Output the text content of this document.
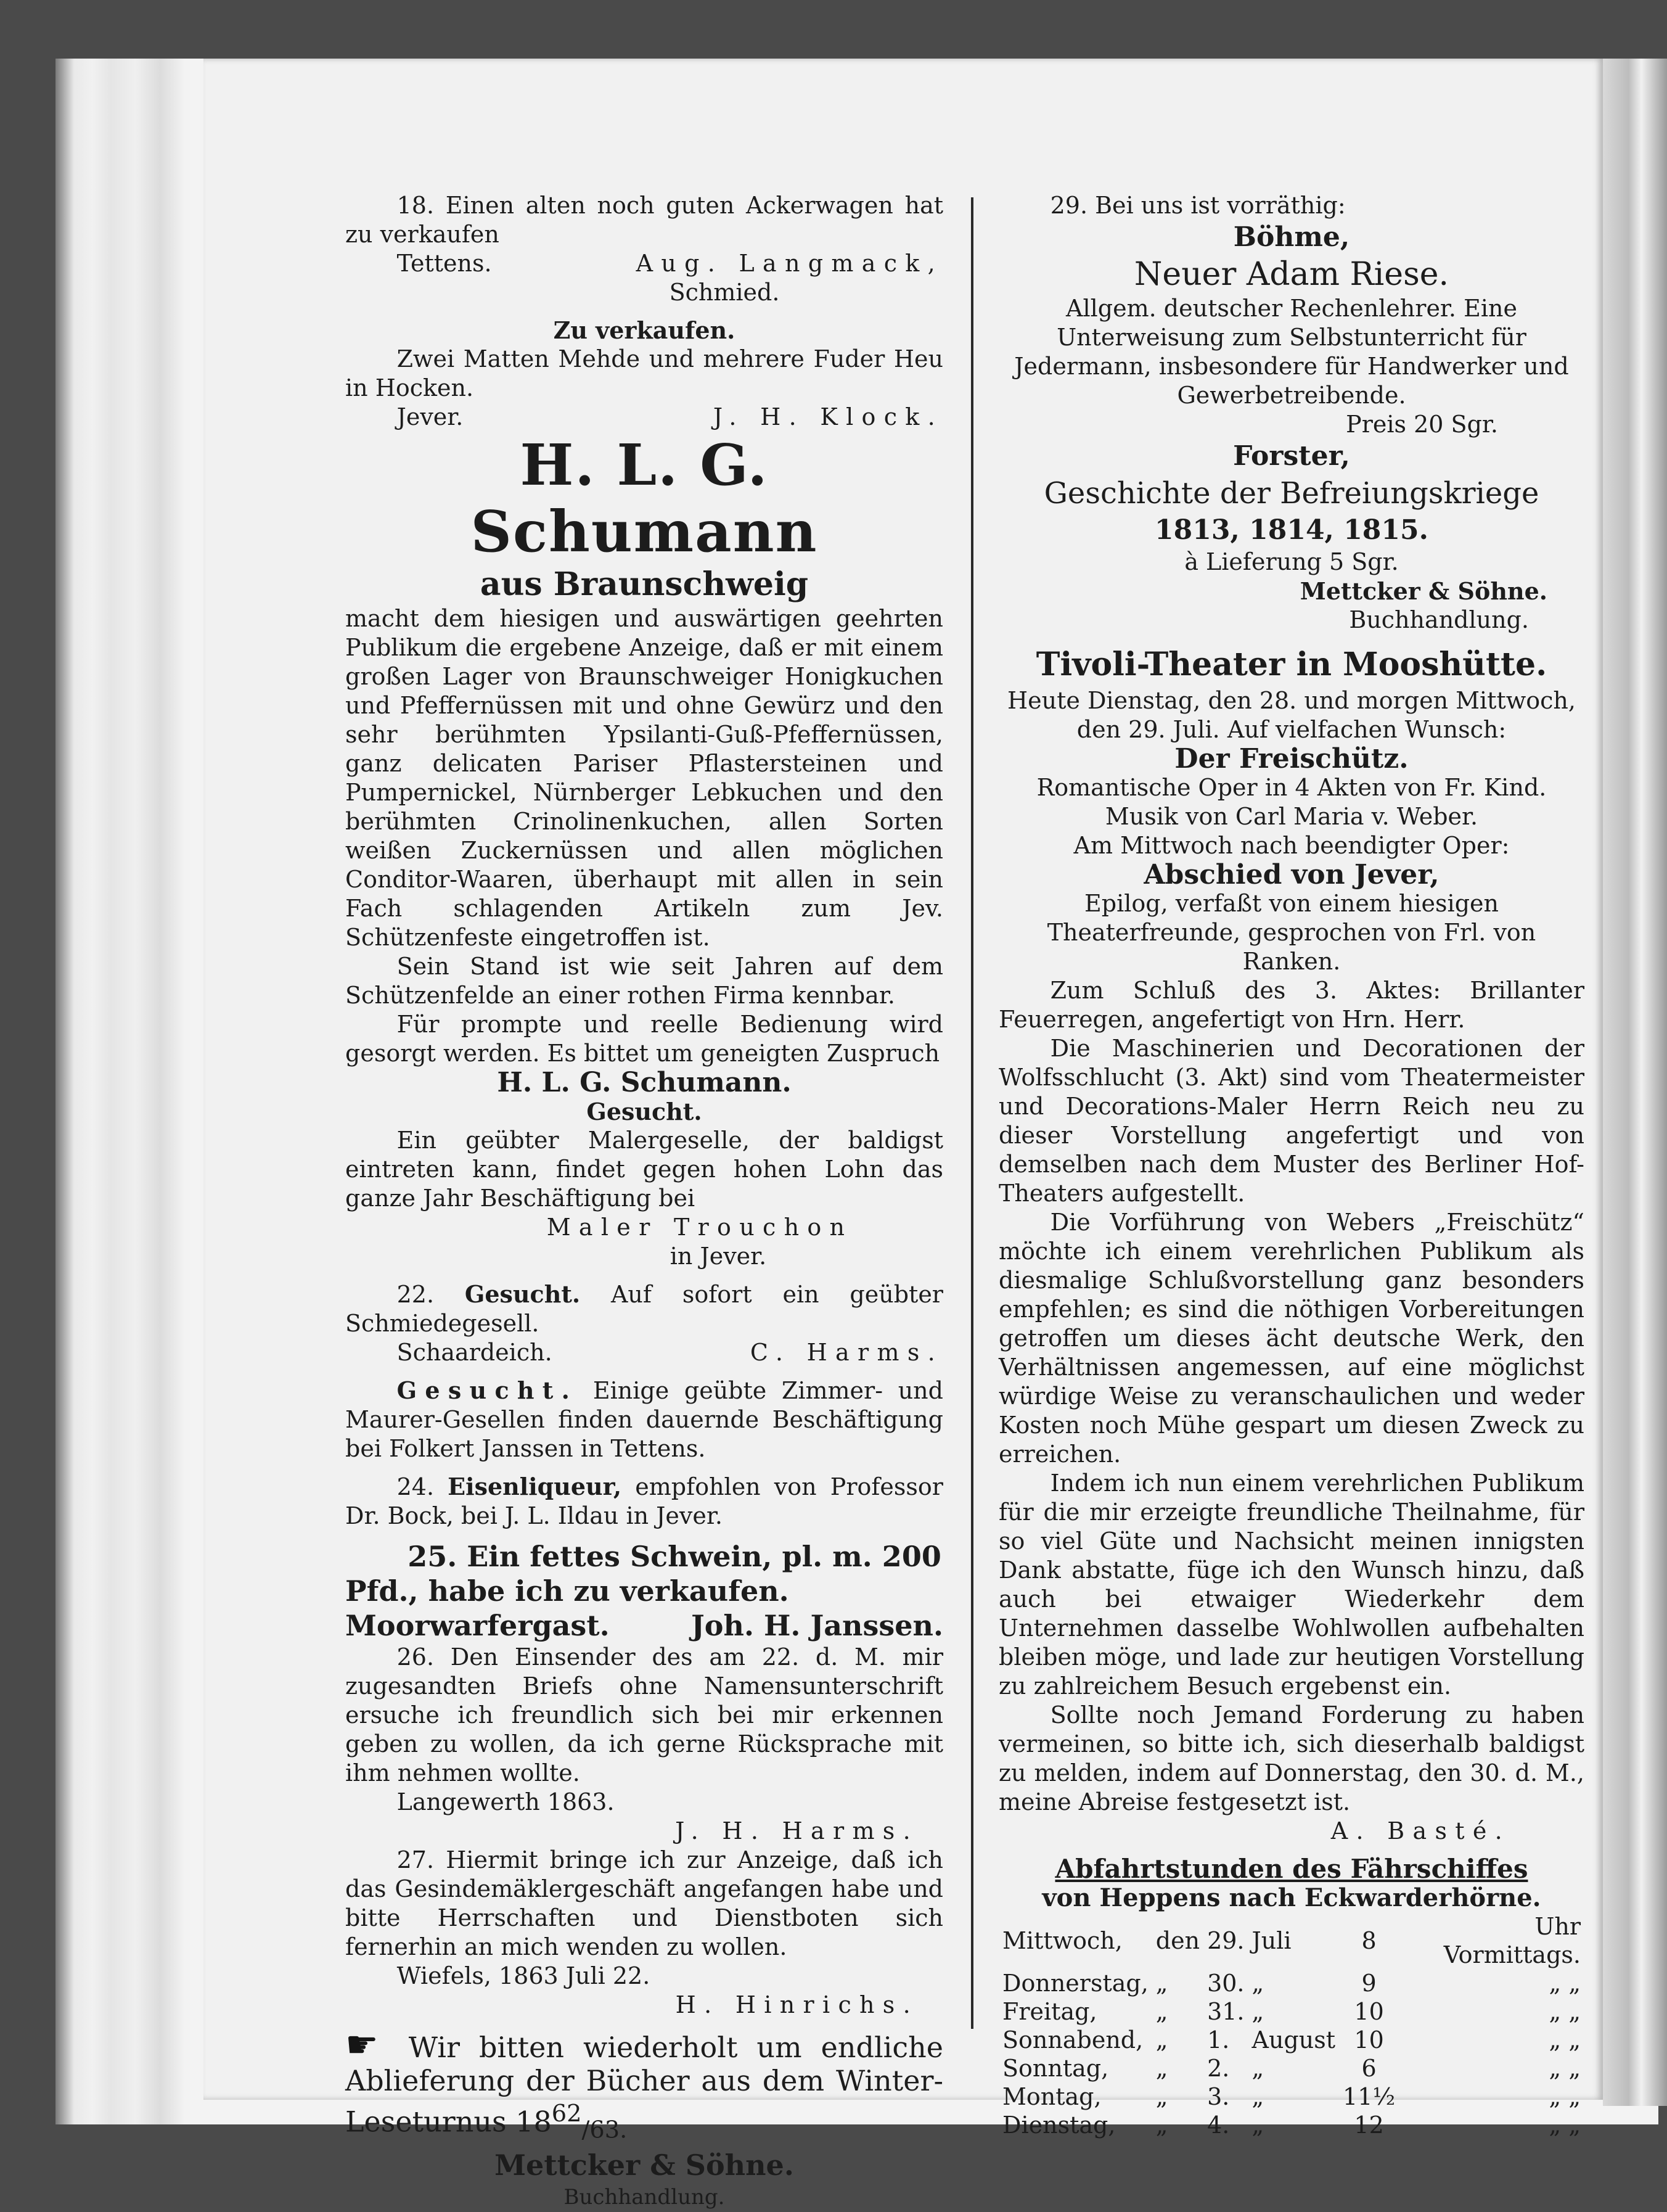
18. Einen alten noch guten Ackerwagen hat zu verkaufen

Tettens.	Aug. Langmack,

Schmied.

Zu verkaufen.

Zwei Matten Mehde und mehrere Fuder Heu in Hocken.

Jever.	J. H. Klock.

H. L. G. Schumann

aus Braunschweig

macht dem hiesigen und auswärtigen geehrten Publikum die ergebene Anzeige, daß er mit einem großen Lager von Braunschweiger Honigkuchen und Pfeffernüssen mit und ohne Gewürz und den sehr berühmten Ypsilanti-Guß-Pfeffernüssen, ganz delicaten Pariser Pflastersteinen und Pumpernickel, Nürnberger Lebkuchen und den berühmten Crinolinenkuchen, allen Sorten weißen Zuckernüssen und allen möglichen Conditor-Waaren, überhaupt mit allen in sein Fach schlagenden Artikeln zum Jev. Schützenfeste eingetroffen ist.

Sein Stand ist wie seit Jahren auf dem Schützenfelde an einer rothen Firma kennbar.

Für prompte und reelle Bedienung wird gesorgt werden. Es bittet um geneigten Zuspruch

H. L. G. Schumann.

Gesucht.

Ein geübter Malergeselle, der baldigst eintreten kann, findet gegen hohen Lohn das ganze Jahr Beschäftigung bei

Maler Trouchon

in Jever.

22. Gesucht. Auf sofort ein geübter Schmiedegesell.

Schaardeich.	C. Harms.

Gesucht. Einige geübte Zimmer- und Maurer-Gesellen finden dauernde Beschäftigung bei Folkert Janssen in Tettens.

24. Eisenliqueur, empfohlen von Professor Dr. Bock, bei J. L. Ildau in Jever.

25. Ein fettes Schwein, pl. m. 200 Pfd., habe ich zu verkaufen.

Moorwarfergast.	Joh. H. Janssen.

26. Den Einsender des am 22. d. M. mir zugesandten Briefs ohne Namensunterschrift ersuche ich freundlich sich bei mir erkennen geben zu wollen, da ich gerne Rücksprache mit ihm nehmen wollte.

Langewerth 1863.

J. H. Harms.

27. Hiermit bringe ich zur Anzeige, daß ich das Gesindemäklergeschäft angefangen habe und bitte Herrschaften und Dienstboten sich fernerhin an mich wenden zu wollen.

Wiefels, 1863 Juli 22.

H. Hinrichs.

☛ Wir bitten wiederholt um endliche Ablieferung der Bücher aus dem Winter-Leseturnus $18^{62}_{/63.}$

Mettcker & Söhne.

Buchhandlung.

29. Bei uns ist vorräthig:

Böhme,

Neuer Adam Riese.

Allgem. deutscher Rechenlehrer. Eine Unterweisung zum Selbstunterricht für Jedermann, insbesondere für Handwerker und Gewerbetreibende.

Preis 20 Sgr.

Forster,

Geschichte der Befreiungskriege

1813, 1814, 1815.

à Lieferung 5 Sgr.

Mettcker & Söhne.

Buchhandlung.

Tivoli-Theater in Mooshütte.

Heute Dienstag, den 28. und morgen Mittwoch, den 29. Juli. Auf vielfachen Wunsch:

Der Freischütz.

Romantische Oper in 4 Akten von Fr. Kind.

Musik von Carl Maria v. Weber.

Am Mittwoch nach beendigter Oper:

Abschied von Jever,

Epilog, verfaßt von einem hiesigen Theaterfreunde, gesprochen von Frl. von Ranken.

Zum Schluß des 3. Aktes: Brillanter Feuerregen, angefertigt von Hrn. Herr.

Die Maschinerien und Decorationen der Wolfsschlucht (3. Akt) sind vom Theatermeister und Decorations-Maler Herrn Reich neu zu dieser Vorstellung angefertigt und von demselben nach dem Muster des Berliner Hof-Theaters aufgestellt.

Die Vorführung von Webers „Freischütz“ möchte ich einem verehrlichen Publikum als diesmalige Schlußvorstellung ganz besonders empfehlen; es sind die nöthigen Vorbereitungen getroffen um dieses ächt deutsche Werk, den Verhältnissen angemessen, auf eine möglichst würdige Weise zu veranschaulichen und weder Kosten noch Mühe gespart um diesen Zweck zu erreichen.

Indem ich nun einem verehrlichen Publikum für die mir erzeigte freundliche Theilnahme, für so viel Güte und Nachsicht meinen innigsten Dank abstatte, füge ich den Wunsch hinzu, daß auch bei etwaiger Wiederkehr dem Unternehmen dasselbe Wohlwollen aufbehalten bleiben möge, und lade zur heutigen Vorstellung zu zahlreichem Besuch ergebenst ein.

Sollte noch Jemand Forderung zu haben vermeinen, so bitte ich, sich dieserhalb baldigst zu melden, indem auf Donnerstag, den 30. d. M., meine Abreise festgesetzt ist.

A. Basté.

Abfahrtstunden des Fährschiffes

von Heppens nach Eckwarderhörne.

Mittwoch,	den	29.	Juli	8	Uhr Vormittags.
Donnerstag,	„	30.	„	9	„ „
Freitag,	„	31.	„	10	„ „
Sonnabend,	„	1.	August	10	„ „
Sonntag,	„	2.	„	6	„ „
Montag,	„	3.	„	11½	„ „
Dienstag,	„	4.	„	12	„ „
